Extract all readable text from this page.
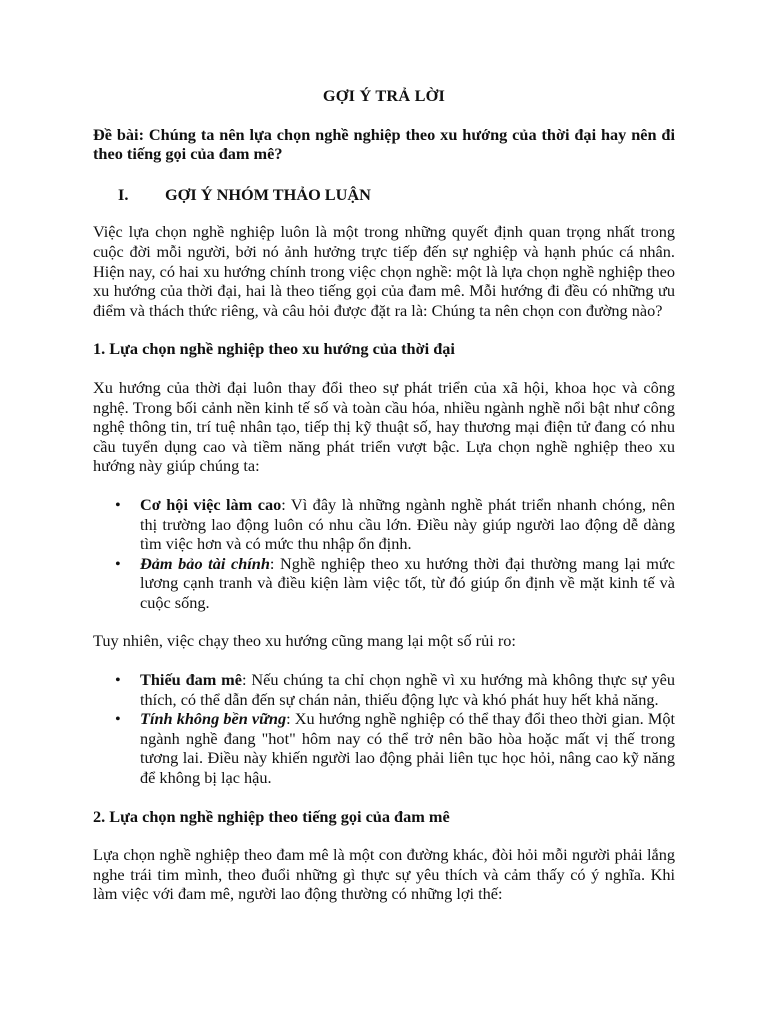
GỢI Ý TRẢ LỜI
Đề bài: Chúng ta nên lựa chọn nghề nghiệp theo xu hướng của thời đại hay nên đi theo tiếng gọi của đam mê?
I.	GỢI Ý NHÓM THẢO LUẬN

Việc lựa chọn nghề nghiệp luôn là một trong những quyết định quan trọng nhất trong cuộc đời mỗi người, bởi nó ảnh hưởng trực tiếp đến sự nghiệp và hạnh phúc cá nhân. Hiện nay, có hai xu hướng chính trong việc chọn nghề: một là lựa chọn nghề nghiệp theo xu hướng của thời đại, hai là theo tiếng gọi của đam mê. Mỗi hướng đi đều có những ưu điểm và thách thức riêng, và câu hỏi được đặt ra là: Chúng ta nên chọn con đường nào?

1. Lựa chọn nghề nghiệp theo xu hướng của thời đại

Xu hướng của thời đại luôn thay đổi theo sự phát triển của xã hội, khoa học và công nghệ. Trong bối cảnh nền kinh tế số và toàn cầu hóa, nhiều ngành nghề nổi bật như công nghệ thông tin, trí tuệ nhân tạo, tiếp thị kỹ thuật số, hay thương mại điện tử đang có nhu cầu tuyển dụng cao và tiềm năng phát triển vượt bậc. Lựa chọn nghề nghiệp theo xu hướng này giúp chúng ta:

• Cơ hội việc làm cao: Vì đây là những ngành nghề phát triển nhanh chóng, nên thị trường lao động luôn có nhu cầu lớn. Điều này giúp người lao động dễ dàng tìm việc hơn và có mức thu nhập ổn định.
• Đảm bảo tài chính: Nghề nghiệp theo xu hướng thời đại thường mang lại mức lương cạnh tranh và điều kiện làm việc tốt, từ đó giúp ổn định về mặt kinh tế và cuộc sống.

Tuy nhiên, việc chạy theo xu hướng cũng mang lại một số rủi ro:

• Thiếu đam mê: Nếu chúng ta chỉ chọn nghề vì xu hướng mà không thực sự yêu thích, có thể dẫn đến sự chán nản, thiếu động lực và khó phát huy hết khả năng.
• Tính không bền vững: Xu hướng nghề nghiệp có thể thay đổi theo thời gian. Một ngành nghề đang "hot" hôm nay có thể trở nên bão hòa hoặc mất vị thế trong tương lai. Điều này khiến người lao động phải liên tục học hỏi, nâng cao kỹ năng để không bị lạc hậu.
2. Lựa chọn nghề nghiệp theo tiếng gọi của đam mê

Lựa chọn nghề nghiệp theo đam mê là một con đường khác, đòi hỏi mỗi người phải lắng nghe trái tim mình, theo đuổi những gì thực sự yêu thích và cảm thấy có ý nghĩa. Khi làm việc với đam mê, người lao động thường có những lợi thế:
